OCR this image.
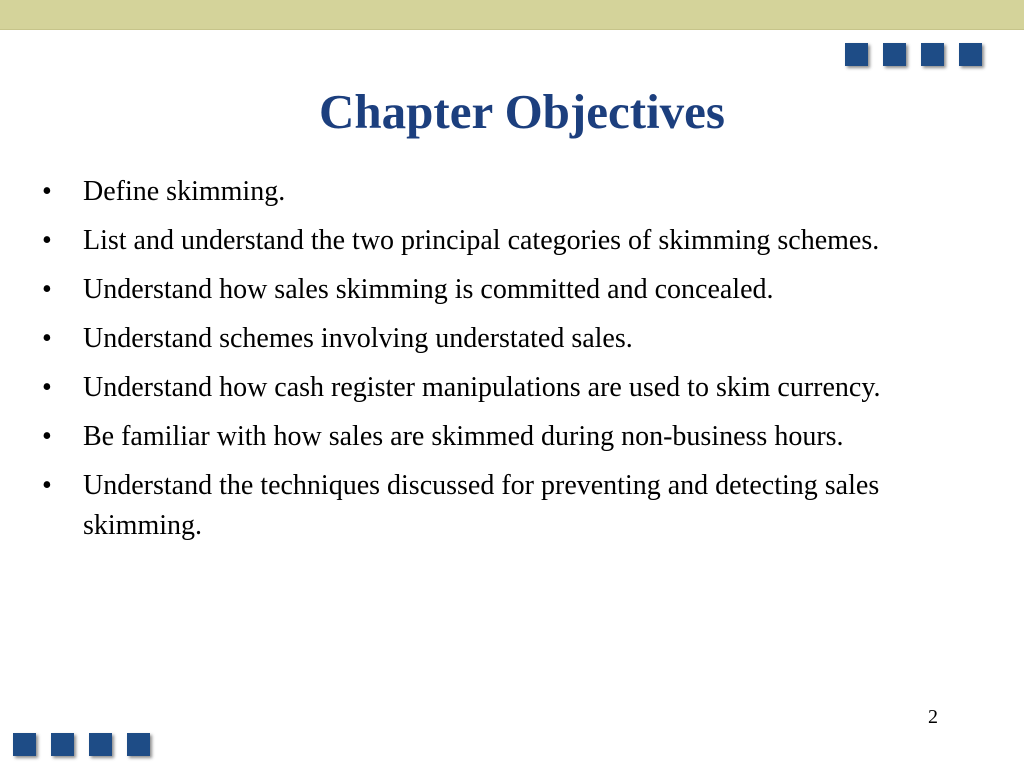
Chapter Objectives
•	Define skimming.
•	List and understand the two principal categories of skimming schemes.
•	Understand how sales skimming is committed and concealed.
•	Understand schemes involving understated sales.
•	Understand how cash register manipulations are used to skim currency.
•	Be familiar with how sales are skimmed during non-business hours.
•	Understand the techniques discussed for preventing and detecting sales skimming.
2
